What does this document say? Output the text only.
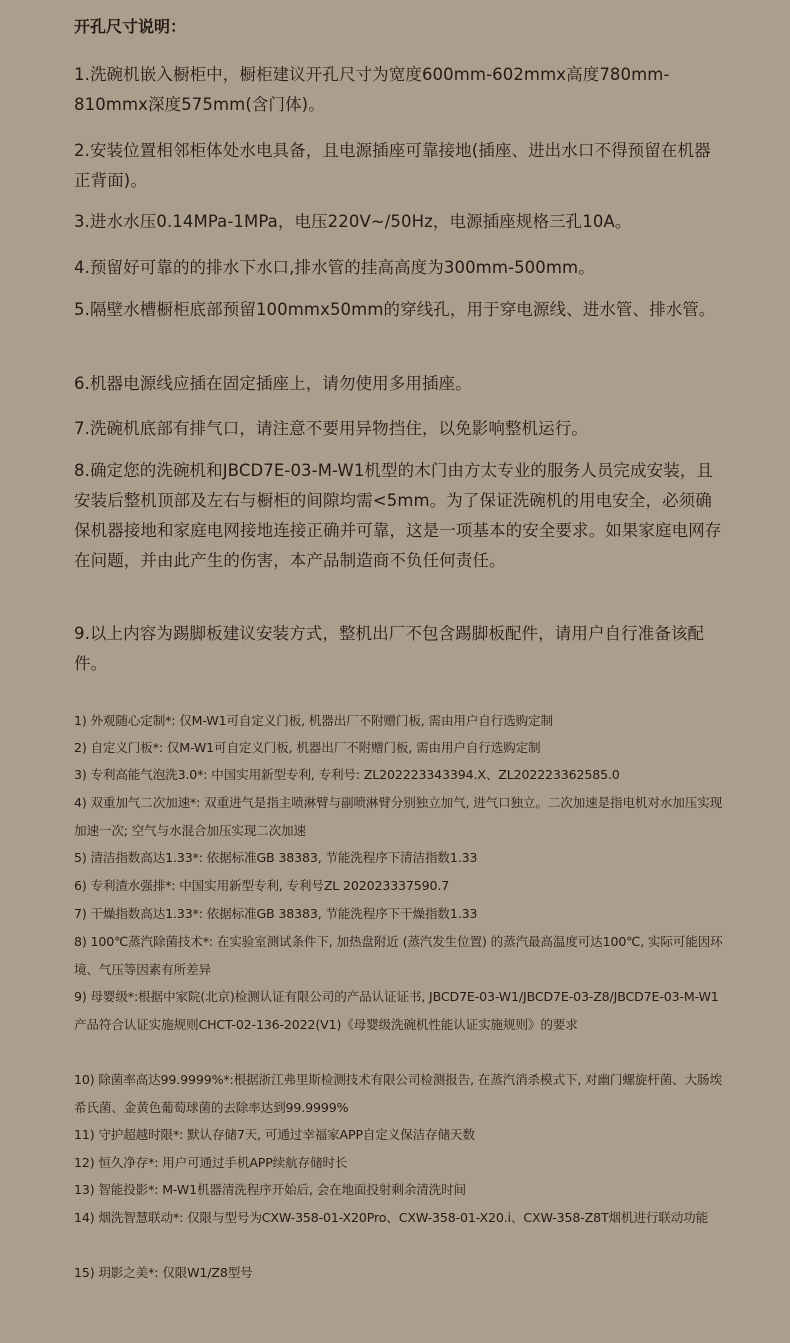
开孔尺寸说明：
1.洗碗机嵌入橱柜中，橱柜建议开孔尺寸为宽度600mm-602mmx高度780mm-810mmx深度575mm(含门体)。
2.安装位置相邻柜体处水电具备，且电源插座可靠接地(插座、进出水口不得预留在机器正背面)。
3.进水水压0.14MPa-1MPa，电压220V~/50Hz，电源插座规格三孔10A。
4.预留好可靠的的排水下水口,排水管的挂高高度为300mm-500mm。
5.隔壁水槽橱柜底部预留100mmx50mm的穿线孔，用于穿电源线、进水管、排水管。
6.机器电源线应插在固定插座上，请勿使用多用插座。
7.洗碗机底部有排气口，请注意不要用异物挡住，以免影响整机运行。
8.确定您的洗碗机和JBCD7E-03-M-W1机型的木门由方太专业的服务人员完成安装，且安装后整机顶部及左右与橱柜的间隙均需<5mm。为了保证洗碗机的用电安全，必须确保机器接地和家庭电网接地连接正确并可靠，这是一项基本的安全要求。如果家庭电网存在问题，并由此产生的伤害，本产品制造商不负任何责任。
9.以上内容为踢脚板建议安装方式，整机出厂不包含踢脚板配件，请用户自行准备该配件。
1) 外观随心定制*: 仅M-W1可自定义门板, 机器出厂不附赠门板, 需由用户自行选购定制
2) 自定义门板*: 仅M-W1可自定义门板, 机器出厂不附赠门板, 需由用户自行选购定制
3) 专利高能气泡洗3.0*: 中国实用新型专利, 专利号: ZL202223343394.X、ZL202223362585.0
4) 双重加气二次加速*: 双重进气是指主喷淋臂与副喷淋臂分别独立加气, 进气口独立。二次加速是指电机对水加压实现加速一次; 空气与水混合加压实现二次加速
5) 清洁指数高达1.33*: 依据标准GB 38383, 节能洗程序下清洁指数1.33
6) 专利渣水强排*: 中国实用新型专利, 专利号ZL 202023337590.7
7) 干燥指数高达1.33*: 依据标准GB 38383, 节能洗程序下干燥指数1.33
8) 100℃蒸汽除菌技术*: 在实验室测试条件下, 加热盘附近 (蒸汽发生位置) 的蒸汽最高温度可达100℃, 实际可能因环境、气压等因素有所差异
9) 母婴级*:根据中家院(北京)检测认证有限公司的产品认证证书, JBCD7E-03-W1/JBCD7E-03-Z8/JBCD7E-03-M-W1产品符合认证实施规则CHCT-02-136-2022(V1)《母婴级洗碗机性能认证实施规则》的要求
10) 除菌率高达99.9999%*:根据浙江弗里斯检测技术有限公司检测报告, 在蒸汽消杀模式下, 对幽门螺旋杆菌、大肠埃希氏菌、金黄色葡萄球菌的去除率达到99.9999%
11) 守护超越时限*: 默认存储7天, 可通过幸福家APP自定义保洁存储天数
12) 恒久净存*: 用户可通过手机APP续航存储时长
13) 智能投影*: M-W1机器清洗程序开始后, 会在地面投射剩余清洗时间
14) 烟洗智慧联动*: 仅限与型号为CXW-358-01-X20Pro、CXW-358-01-X20.i、CXW-358-Z8T烟机进行联动功能
15) 玥影之美*: 仅限W1/Z8型号
